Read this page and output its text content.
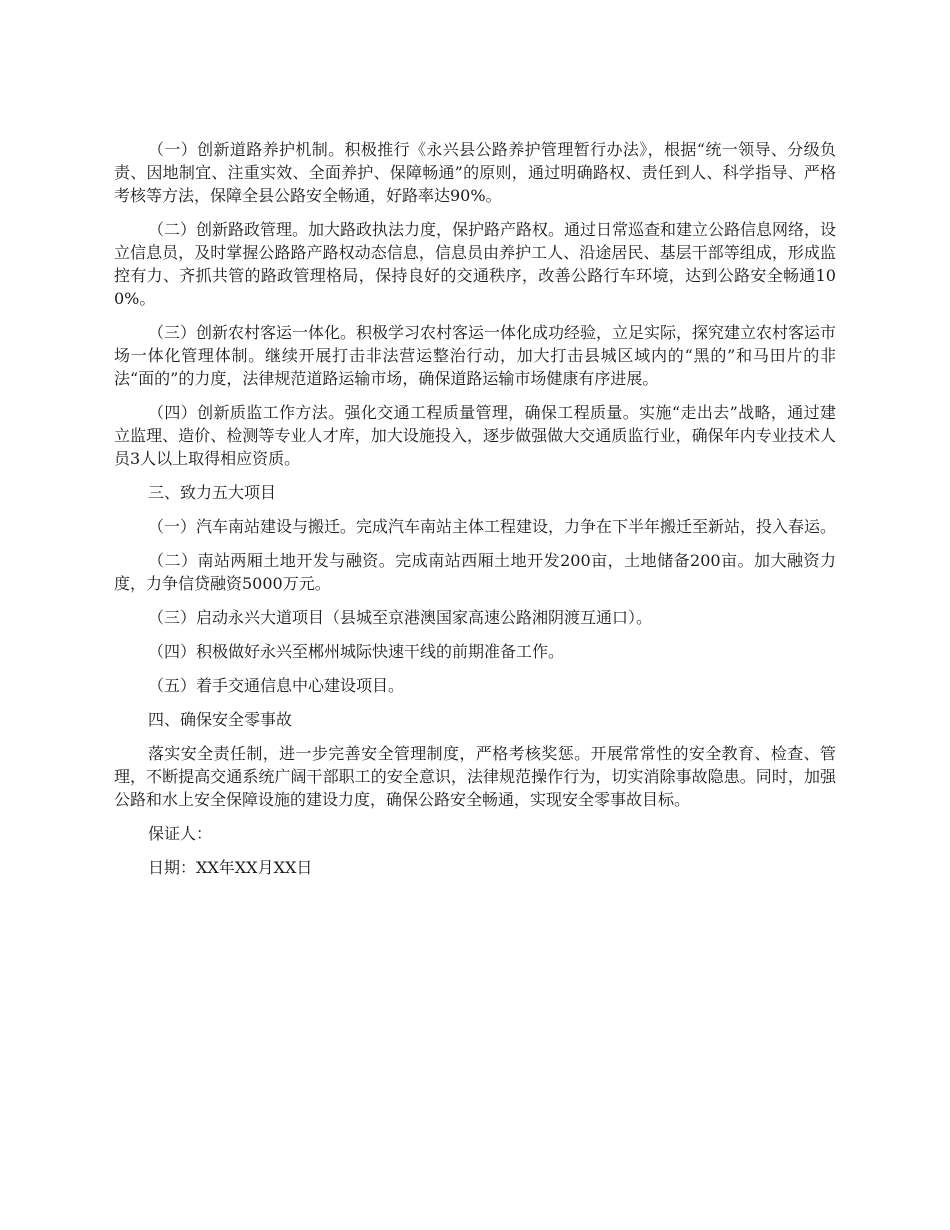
（一）创新道路养护机制。积极推行《永兴县公路养护管理暂行办法》，根据“统一领导、分级负责、因地制宜、注重实效、全面养护、保障畅通”的原则，通过明确路权、责任到人、科学指导、严格考核等方法，保障全县公路安全畅通，好路率达90%。

（二）创新路政管理。加大路政执法力度，保护路产路权。通过日常巡查和建立公路信息网络，设立信息员，及时掌握公路路产路权动态信息，信息员由养护工人、沿途居民、基层干部等组成，形成监控有力、齐抓共管的路政管理格局，保持良好的交通秩序，改善公路行车环境，达到公路安全畅通100%。

（三）创新农村客运一体化。积极学习农村客运一体化成功经验，立足实际，探究建立农村客运市场一体化管理体制。继续开展打击非法营运整治行动，加大打击县城区域内的“黑的”和马田片的非法“面的”的力度，法律规范道路运输市场，确保道路运输市场健康有序进展。

（四）创新质监工作方法。强化交通工程质量管理，确保工程质量。实施“走出去”战略，通过建立监理、造价、检测等专业人才库，加大设施投入，逐步做强做大交通质监行业，确保年内专业技术人员3人以上取得相应资质。

三、致力五大项目

（一）汽车南站建设与搬迁。完成汽车南站主体工程建设，力争在下半年搬迁至新站，投入春运。

（二）南站两厢土地开发与融资。完成南站西厢土地开发200亩，土地储备200亩。加大融资力度，力争信贷融资5000万元。

（三）启动永兴大道项目（县城至京港澳国家高速公路湘阴渡互通口）。

（四）积极做好永兴至郴州城际快速干线的前期准备工作。

（五）着手交通信息中心建设项目。

四、确保安全零事故

落实安全责任制，进一步完善安全管理制度，严格考核奖惩。开展常常性的安全教育、检查、管理，不断提高交通系统广阔干部职工的安全意识，法律规范操作行为，切实消除事故隐患。同时，加强公路和水上安全保障设施的建设力度，确保公路安全畅通，实现安全零事故目标。

保证人：

日期：XX年XX月XX日
